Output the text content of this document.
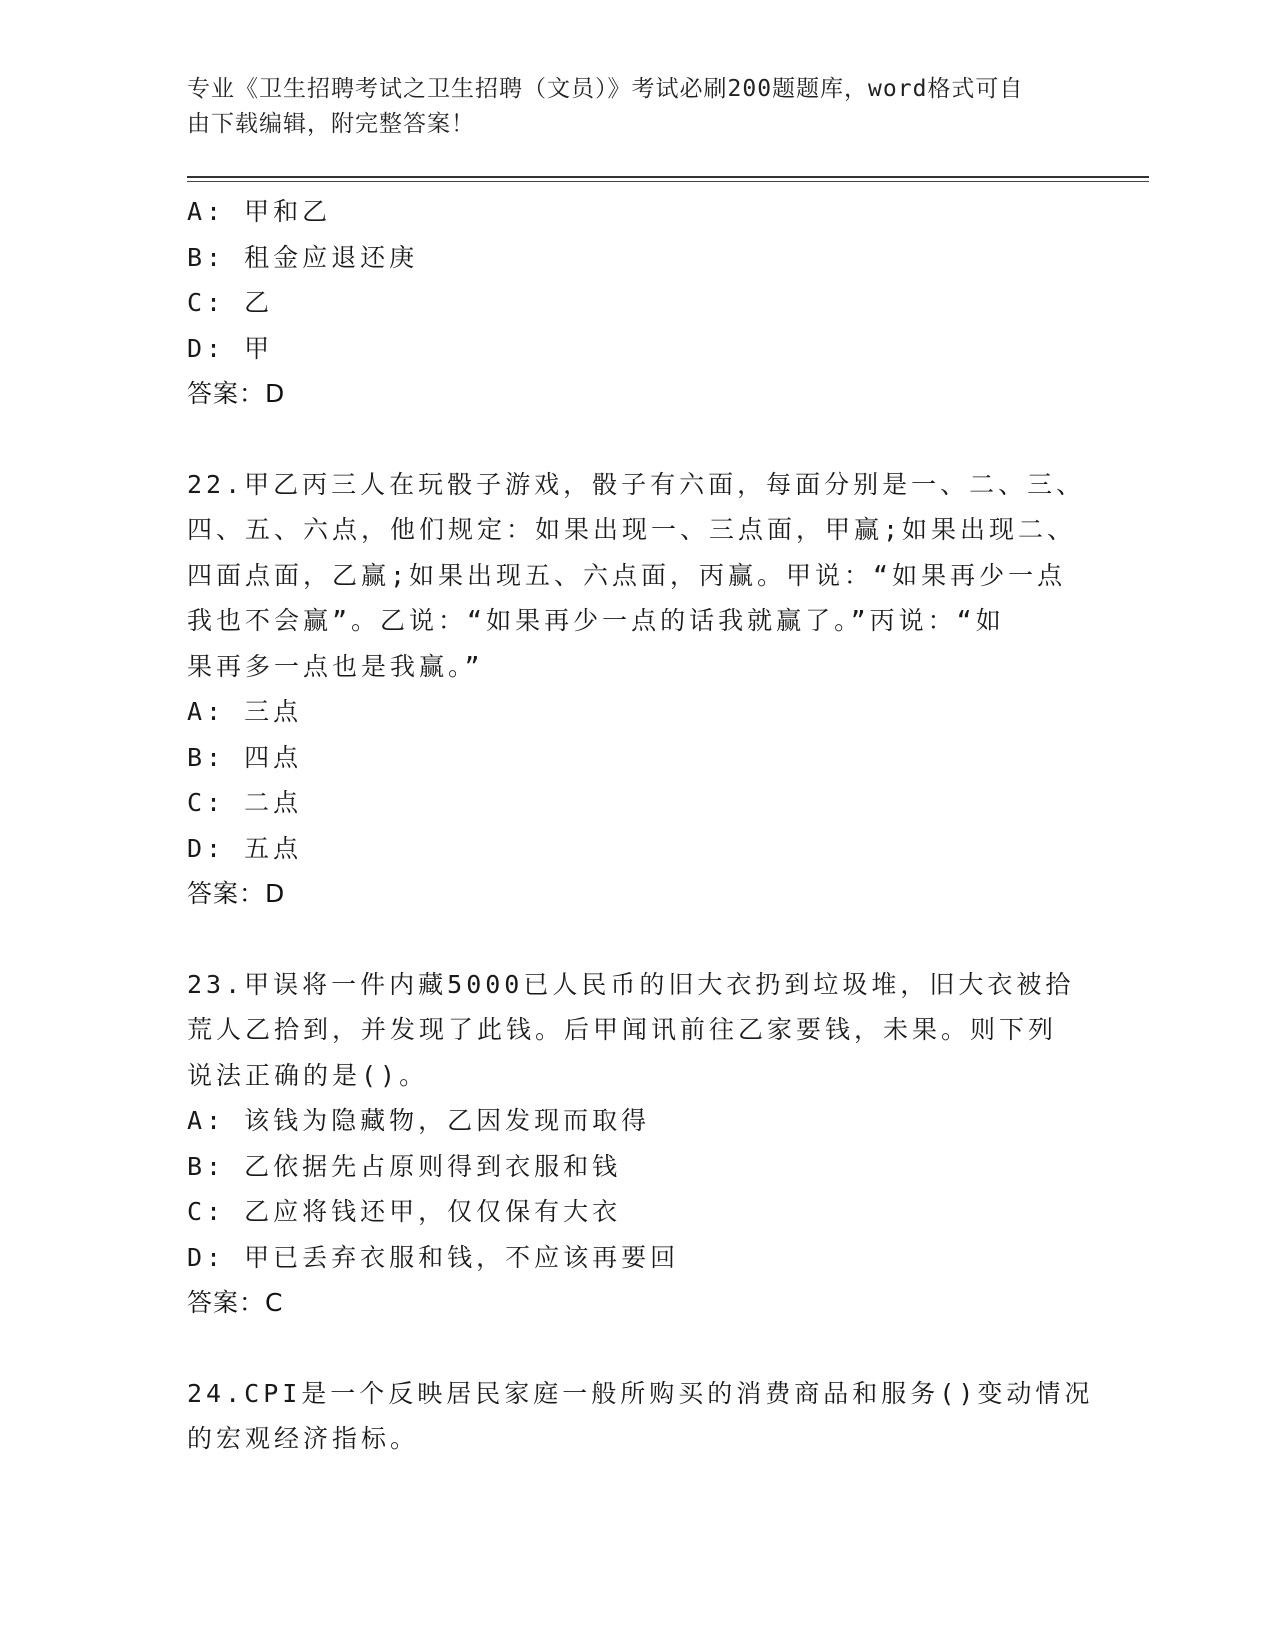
专业《卫生招聘考试之卫生招聘（文员）》考试必刷200题题库，word格式可自
由下载编辑，附完整答案！
A: 甲和乙
B: 租金应退还庚
C: 乙
D: 甲
答案：D
22.甲乙丙三人在玩骰子游戏，骰子有六面，每面分别是一、二、三、
四、五、六点，他们规定：如果出现一、三点面，甲赢;如果出现二、
四面点面，乙赢;如果出现五、六点面，丙赢。甲说：“如果再少一点
我也不会赢”。乙说：“如果再少一点的话我就赢了。”丙说：“如
果再多一点也是我赢。”
A: 三点
B: 四点
C: 二点
D: 五点
答案：D
23.甲误将一件内藏5000已人民币的旧大衣扔到垃圾堆，旧大衣被拾
荒人乙拾到，并发现了此钱。后甲闻讯前往乙家要钱，未果。则下列
说法正确的是()。
A: 该钱为隐藏物，乙因发现而取得
B: 乙依据先占原则得到衣服和钱
C: 乙应将钱还甲，仅仅保有大衣
D: 甲已丢弃衣服和钱，不应该再要回
答案：C
24.CPI是一个反映居民家庭一般所购买的消费商品和服务()变动情况
的宏观经济指标。
